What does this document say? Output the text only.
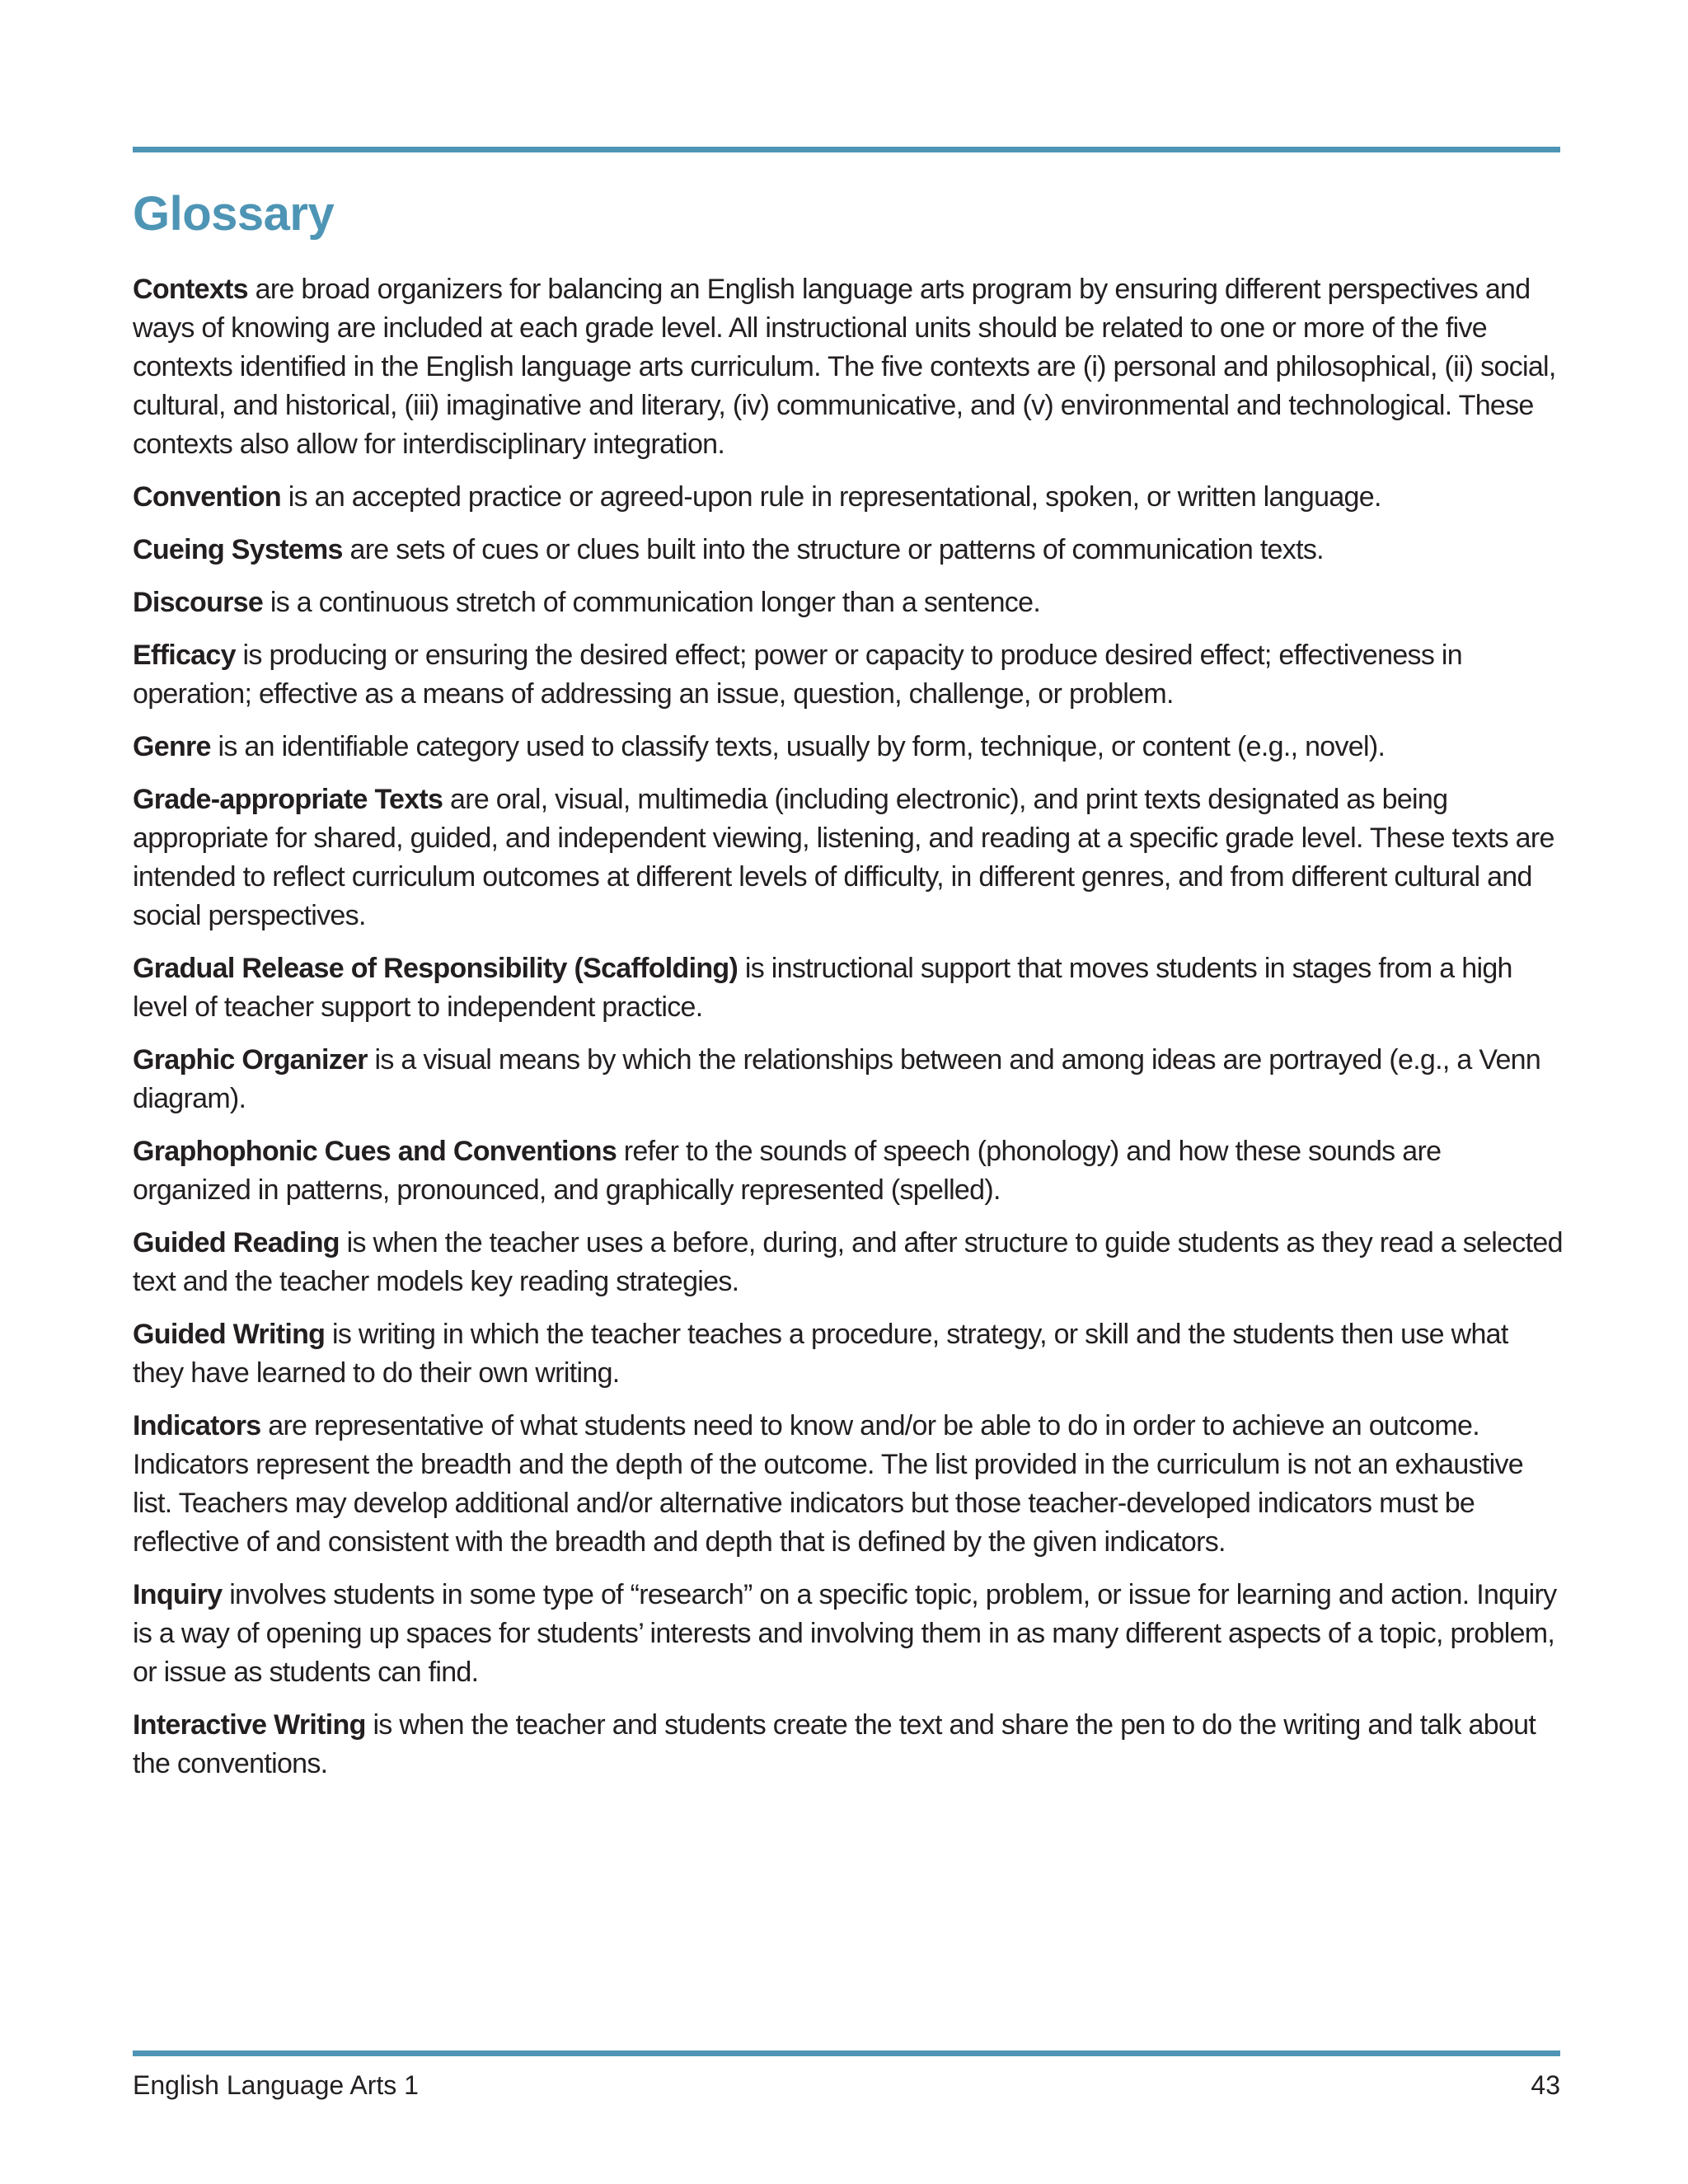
Glossary

Contexts are broad organizers for balancing an English language arts program by ensuring different perspectives and ways of knowing are included at each grade level. All instructional units should be related to one or more of the five contexts identified in the English language arts curriculum. The five contexts are (i) personal and philosophical, (ii) social, cultural, and historical, (iii) imaginative and literary, (iv) communicative, and (v) environmental and technological. These contexts also allow for interdisciplinary integration.

Convention is an accepted practice or agreed-upon rule in representational, spoken, or written language.

Cueing Systems are sets of cues or clues built into the structure or patterns of communication texts.

Discourse is a continuous stretch of communication longer than a sentence.

Efficacy is producing or ensuring the desired effect; power or capacity to produce desired effect; effectiveness in operation; effective as a means of addressing an issue, question, challenge, or problem.

Genre is an identifiable category used to classify texts, usually by form, technique, or content (e.g., novel).

Grade-appropriate Texts are oral, visual, multimedia (including electronic), and print texts designated as being appropriate for shared, guided, and independent viewing, listening, and reading at a specific grade level. These texts are intended to reflect curriculum outcomes at different levels of difficulty, in different genres, and from different cultural and social perspectives.

Gradual Release of Responsibility (Scaffolding) is instructional support that moves students in stages from a high level of teacher support to independent practice.

Graphic Organizer is a visual means by which the relationships between and among ideas are portrayed (e.g., a Venn diagram).

Graphophonic Cues and Conventions refer to the sounds of speech (phonology) and how these sounds are organized in patterns, pronounced, and graphically represented (spelled).

Guided Reading is when the teacher uses a before, during, and after structure to guide students as they read a selected text and the teacher models key reading strategies.

Guided Writing is writing in which the teacher teaches a procedure, strategy, or skill and the students then use what they have learned to do their own writing.

Indicators are representative of what students need to know and/or be able to do in order to achieve an outcome. Indicators represent the breadth and the depth of the outcome. The list provided in the curriculum is not an exhaustive list. Teachers may develop additional and/or alternative indicators but those teacher-developed indicators must be reflective of and consistent with the breadth and depth that is defined by the given indicators.

Inquiry involves students in some type of “research” on a specific topic, problem, or issue for learning and action. Inquiry is a way of opening up spaces for students’ interests and involving them in as many different aspects of a topic, problem, or issue as students can find.

Interactive Writing is when the teacher and students create the text and share the pen to do the writing and talk about the conventions.

English Language Arts 1	43
